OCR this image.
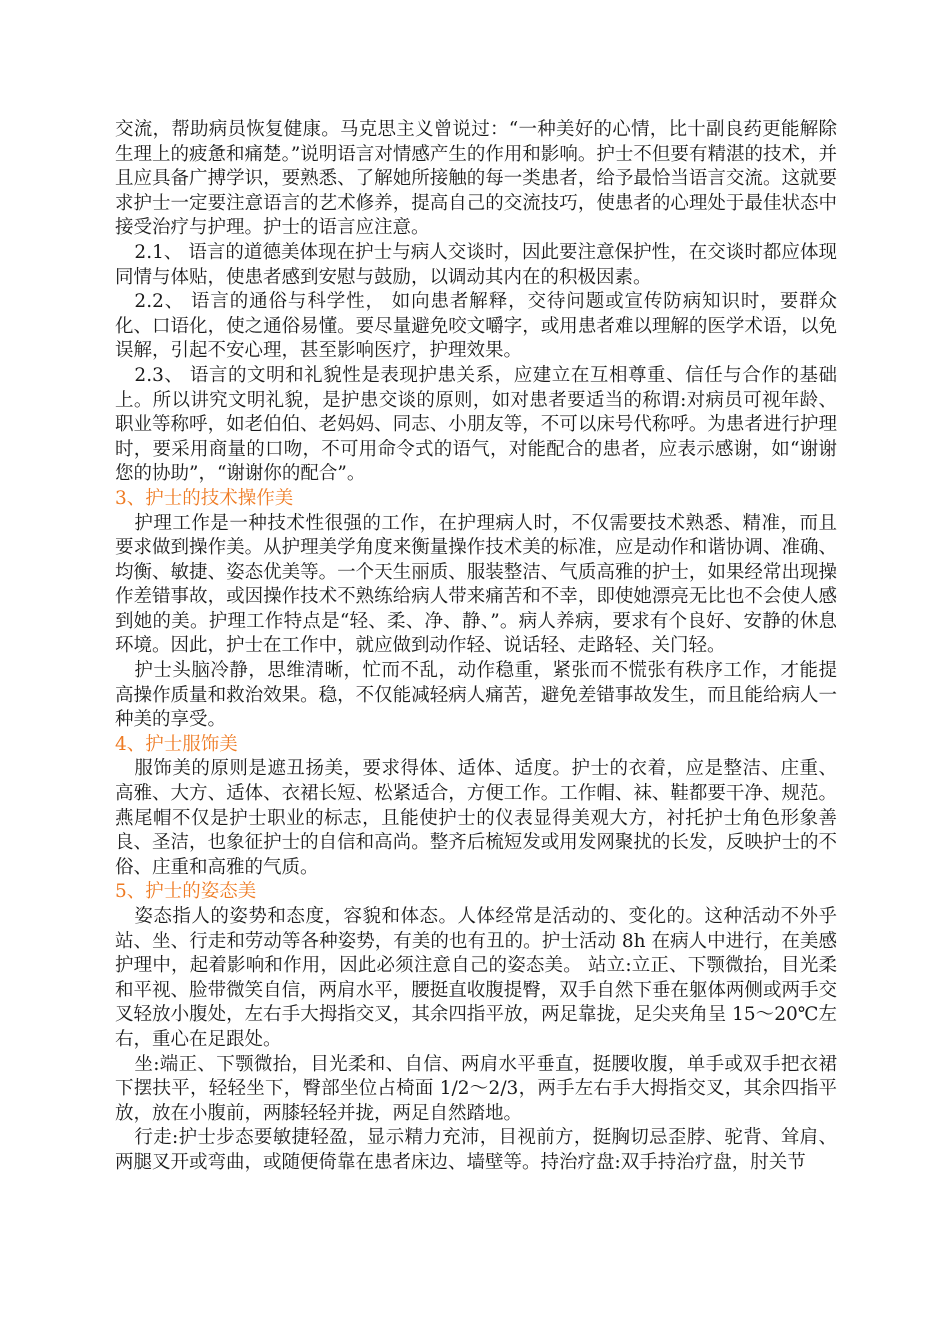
交流，帮助病员恢复健康。马克思主义曾说过：“一种美好的心情，比十副良药更能解除生理上的疲惫和痛楚。”说明语言对情感产生的作用和影响。护士不但要有精湛的技术，并且应具备广搏学识，要熟悉、了解她所接触的每一类患者，给予最恰当语言交流。这就要求护士一定要注意语言的艺术修养，提高自己的交流技巧，使患者的心理处于最佳状态中接受治疗与护理。护士的语言应注意。

2.1、 语言的道德美体现在护士与病人交谈时，因此要注意保护性，在交谈时都应体现同情与体贴，使患者感到安慰与鼓励，以调动其内在的积极因素。

2.2、 语言的通俗与科学性， 如向患者解释，交待问题或宣传防病知识时，要群众化、口语化，使之通俗易懂。要尽量避免咬文嚼字，或用患者难以理解的医学术语，以免误解，引起不安心理，甚至影响医疗，护理效果。

2.3、 语言的文明和礼貌性是表现护患关系，应建立在互相尊重、信任与合作的基础上。所以讲究文明礼貌，是护患交谈的原则，如对患者要适当的称谓:对病员可视年龄、职业等称呼，如老伯伯、老妈妈、同志、小朋友等，不可以床号代称呼。为患者进行护理时，要采用商量的口吻，不可用命令式的语气，对能配合的患者，应表示感谢，如“谢谢您的协助”，“谢谢你的配合”。

3、护士的技术操作美

护理工作是一种技术性很强的工作，在护理病人时，不仅需要技术熟悉、精准，而且要求做到操作美。从护理美学角度来衡量操作技术美的标准，应是动作和谐协调、准确、均衡、敏捷、姿态优美等。一个天生丽质、服装整洁、气质高雅的护士，如果经常出现操作差错事故，或因操作技术不熟练给病人带来痛苦和不幸，即使她漂亮无比也不会使人感到她的美。护理工作特点是“轻、柔、净、静、”。病人养病，要求有个良好、安静的休息环境。因此，护士在工作中，就应做到动作轻、说话轻、走路轻、关门轻。

护士头脑冷静，思维清晰，忙而不乱，动作稳重，紧张而不慌张有秩序工作，才能提高操作质量和救治效果。稳，不仅能减轻病人痛苦，避免差错事故发生，而且能给病人一种美的享受。

4、护士服饰美

服饰美的原则是遮丑扬美，要求得体、适体、适度。护士的衣着，应是整洁、庄重、高雅、大方、适体、衣裙长短、松紧适合，方便工作。工作帽、袜、鞋都要干净、规范。燕尾帽不仅是护士职业的标志，且能使护士的仪表显得美观大方，衬托护士角色形象善良、圣洁，也象征护士的自信和高尚。整齐后梳短发或用发网聚扰的长发，反映护士的不俗、庄重和高雅的气质。

5、护士的姿态美

姿态指人的姿势和态度，容貌和体态。人体经常是活动的、变化的。这种活动不外乎站、坐、行走和劳动等各种姿势，有美的也有丑的。护士活动 8h 在病人中进行，在美感护理中，起着影响和作用，因此必须注意自己的姿态美。 站立:立正、下颚微抬，目光柔和平视、脸带微笑自信，两肩水平，腰挺直收腹提臀，双手自然下垂在躯体两侧或两手交叉轻放小腹处，左右手大拇指交叉，其余四指平放，两足靠拢，足尖夹角呈 15～20℃左右，重心在足跟处。

坐:端正、下颚微抬，目光柔和、自信、两肩水平垂直，挺腰收腹，单手或双手把衣裙下摆扶平，轻轻坐下，臀部坐位占椅面 1/2～2/3，两手左右手大拇指交叉，其余四指平放，放在小腹前，两膝轻轻并拢，两足自然踏地。

行走:护士步态要敏捷轻盈，显示精力充沛，目视前方，挺胸切忌歪脖、驼背、耸肩、两腿叉开或弯曲，或随便倚靠在患者床边、墙壁等。持治疗盘:双手持治疗盘，肘关节
